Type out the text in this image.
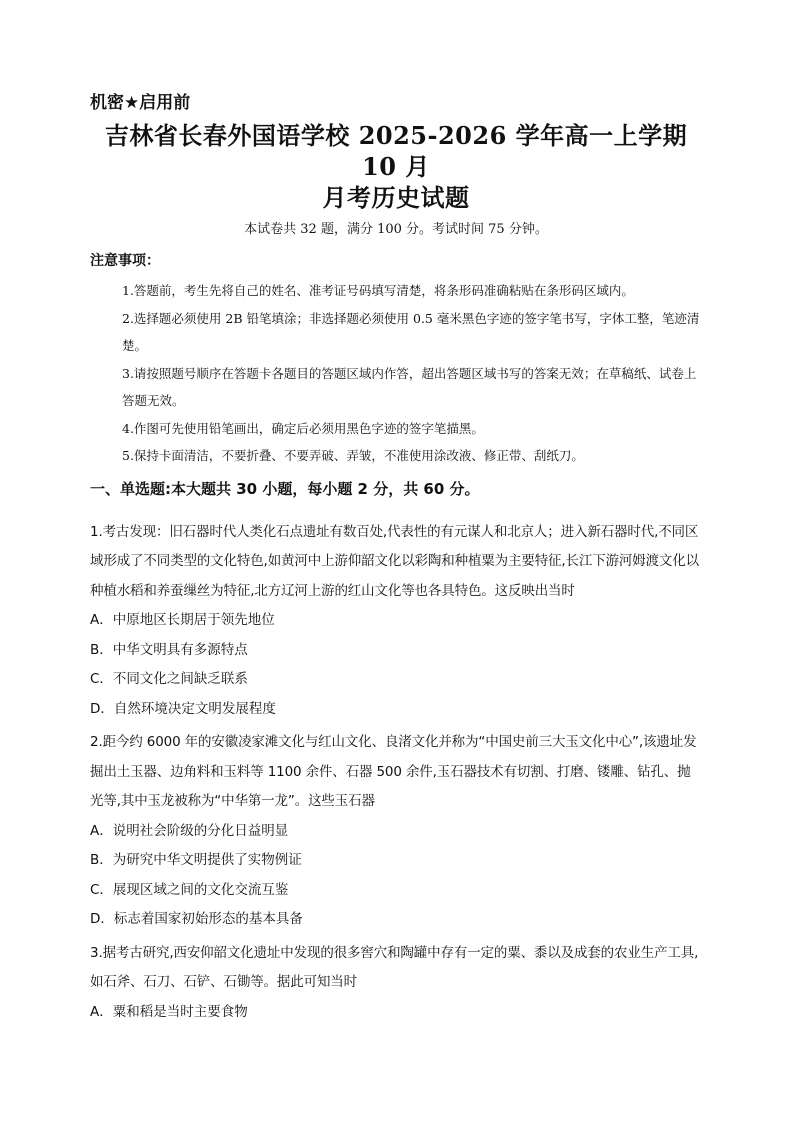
机密★启用前

吉林省长春外国语学校 2025-2026 学年高一上学期 10 月
月考历史试题

本试卷共 32 题，满分 100 分。考试时间 75 分钟。

注意事项：

1.答题前，考生先将自己的姓名、准考证号码填写清楚，将条形码准确粘贴在条形码区域内。

2.选择题必须使用 2B 铅笔填涂；非选择题必须使用 0.5 毫米黑色字迹的签字笔书写，字体工整，笔迹清楚。

3.请按照题号顺序在答题卡各题目的答题区域内作答，超出答题区域书写的答案无效；在草稿纸、试卷上答题无效。

4.作图可先使用铅笔画出，确定后必须用黑色字迹的签字笔描黑。

5.保持卡面清洁，不要折叠、不要弄破、弄皱，不准使用涂改液、修正带、刮纸刀。

一、单选题:本大题共 30 小题，每小题 2 分，共 60 分。

1.考古发现：旧石器时代人类化石点遗址有数百处,代表性的有元谋人和北京人；进入新石器时代,不同区域形成了不同类型的文化特色,如黄河中上游仰韶文化以彩陶和种植粟为主要特征,长江下游河姆渡文化以种植水稻和养蚕缫丝为特征,北方辽河上游的红山文化等也各具特色。这反映出当时

A．中原地区长期居于领先地位

B．中华文明具有多源特点

C．不同文化之间缺乏联系

D．自然环境决定文明发展程度

2.距今约 6000 年的安徽凌家滩文化与红山文化、良渚文化并称为“中国史前三大玉文化中心”,该遗址发掘出土玉器、边角料和玉料等 1100 余件、石器 500 余件,玉石器技术有切割、打磨、镂雕、钻孔、抛光等,其中玉龙被称为“中华第一龙”。这些玉石器

A．说明社会阶级的分化日益明显

B．为研究中华文明提供了实物例证

C．展现区域之间的文化交流互鉴

D．标志着国家初始形态的基本具备

3.据考古研究,西安仰韶文化遗址中发现的很多窖穴和陶罐中存有一定的粟、黍以及成套的农业生产工具,如石斧、石刀、石铲、石锄等。据此可知当时

A．粟和稻是当时主要食物
